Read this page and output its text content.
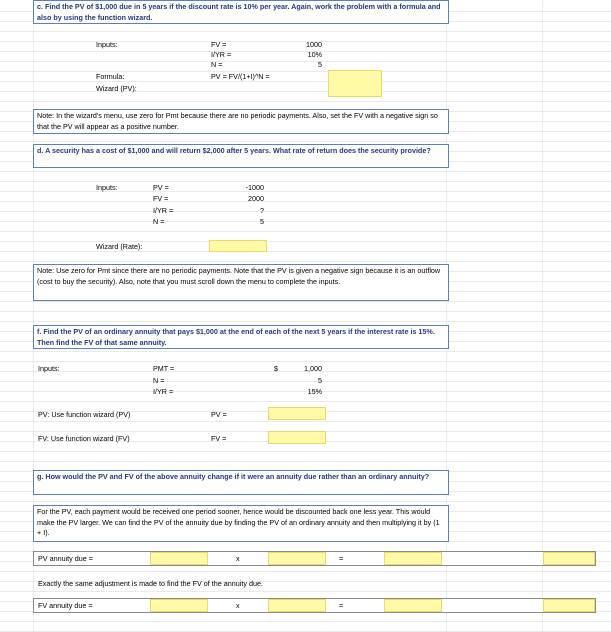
c. Find the PV of $1,000 due in 5 years if the discount rate is 10% per year. Again, work the problem with a formula and also by using the function wizard.
Inputs:	FV =	1000
I/YR =	10%
N =	5
Formula:	PV = FV/(1+I)^N =
Wizard (PV):
Note: In the wizard's menu, use zero for Pmt because there are no periodic payments. Also, set the FV with a negative sign so that the PV will appear as a positive number.
d. A security has a cost of $1,000 and will return $2,000 after 5 years. What rate of return does the security provide?
Inputs:	PV =	-1000
FV =	2000
I/YR =	?
N =	5
Wizard (Rate):
Note: Use zero for Pmt since there are no periodic payments. Note that the PV is given a negative sign because it is an outflow (cost to buy the security). Also, note that you must scroll down the menu to complete the inputs.
f. Find the PV of an ordinary annuity that pays $1,000 at the end of each of the next 5 years if the interest rate is 15%. Then find the FV of that same annuity.
Inputs:	PMT =	$	1,000
N =	5
I/YR =	15%
PV: Use function wizard (PV)	PV =
FV: Use function wizard (FV)	FV =
g. How would the PV and FV of the above annuity change if it were an annuity due rather than an ordinary annuity?
For the PV, each payment would be received one period sooner, hence would be discounted back one less year. This would make the PV larger. We can find the PV of the annuity due by finding the PV of an ordinary annuity and then multiplying it by (1 + I).
PV annuity due =	x	=
Exactly the same adjustment is made to find the FV of the annuity due.
FV annuity due =	x	=
